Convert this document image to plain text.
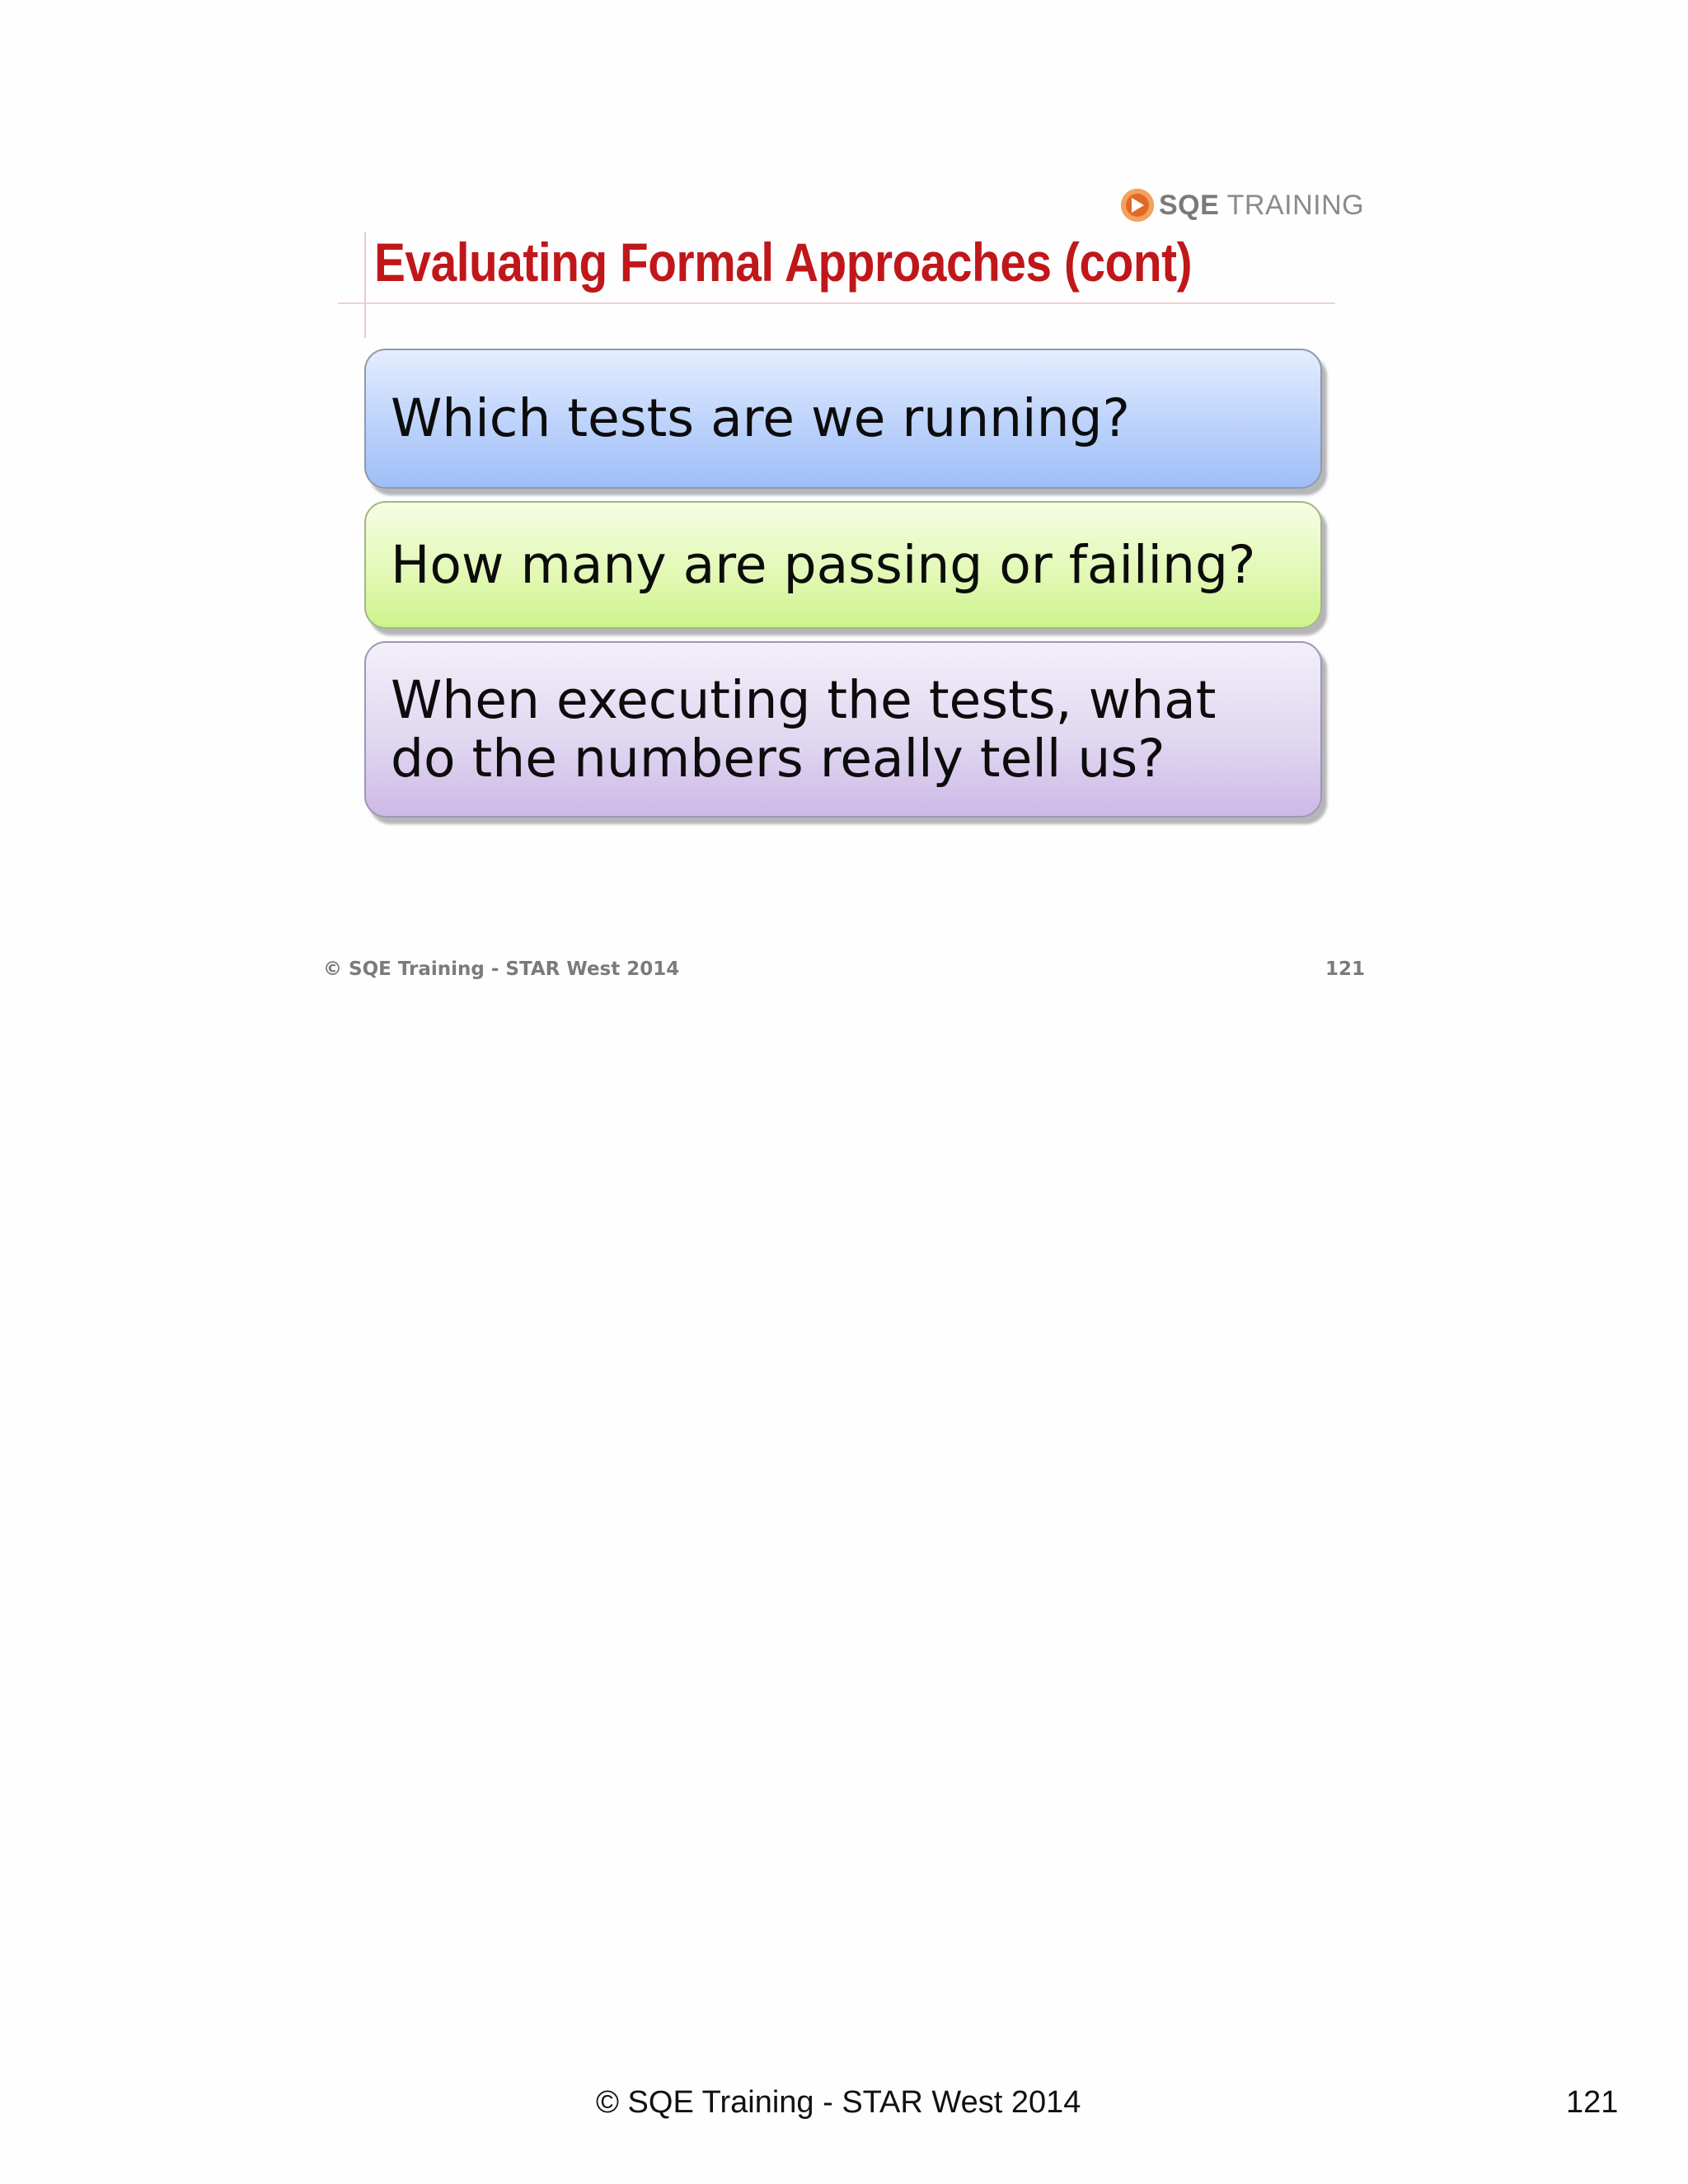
SQE TRAINING
Evaluating Formal Approaches (cont)
Which tests are we running?
How many are passing or failing?
When executing the tests, what
do the numbers really tell us?
© SQE Training - STAR West 2014	121
© SQE Training - STAR West 2014	121
